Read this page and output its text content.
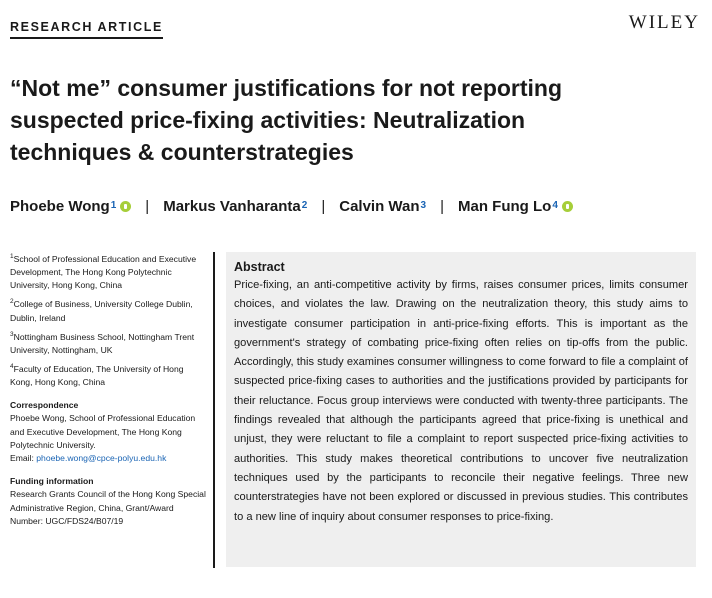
RESEARCH ARTICLE	WILEY
“Not me” consumer justifications for not reporting suspected price-fixing activities: Neutralization techniques & counterstrategies
Phoebe Wong$^1$ | Markus Vanharanta$^2$ | Calvin Wan$^3$ | Man Fung Lo$^4$

$^1$School of Professional Education and Executive Development, The Hong Kong Polytechnic University, Hong Kong, China

$^2$College of Business, University College Dublin, Dublin, Ireland

$^3$Nottingham Business School, Nottingham Trent University, Nottingham, UK

$^4$Faculty of Education, The University of Hong Kong, Hong Kong, China

Correspondence

Phoebe Wong, School of Professional Education and Executive Development, The Hong Kong Polytechnic University.
Email: phoebe.wong@cpce-polyu.edu.hk

Funding information

Research Grants Council of the Hong Kong Special Administrative Region, China, Grant/Award Number: UGC/FDS24/B07/19

Abstract

Price-fixing, an anti-competitive activity by firms, raises consumer prices, limits consumer choices, and violates the law. Drawing on the neutralization theory, this study aims to investigate consumer participation in anti-price-fixing efforts. This is important as the government's strategy of combating price-fixing often relies on tip-offs from the public. Accordingly, this study examines consumer willingness to come forward to file a complaint of suspected price-fixing cases to authorities and the justifications provided by participants for their reluctance. Focus group interviews were conducted with twenty-three participants. The findings revealed that although the participants agreed that price-fixing is unethical and unjust, they were reluctant to file a complaint to report suspected price-fixing activities to authorities. This study makes theoretical contributions to uncover five neutralization techniques used by the participants to reconcile their negative feelings. Three new counterstrategies have not been explored or discussed in previous studies. This contributes to a new line of inquiry about consumer responses to price-fixing.
